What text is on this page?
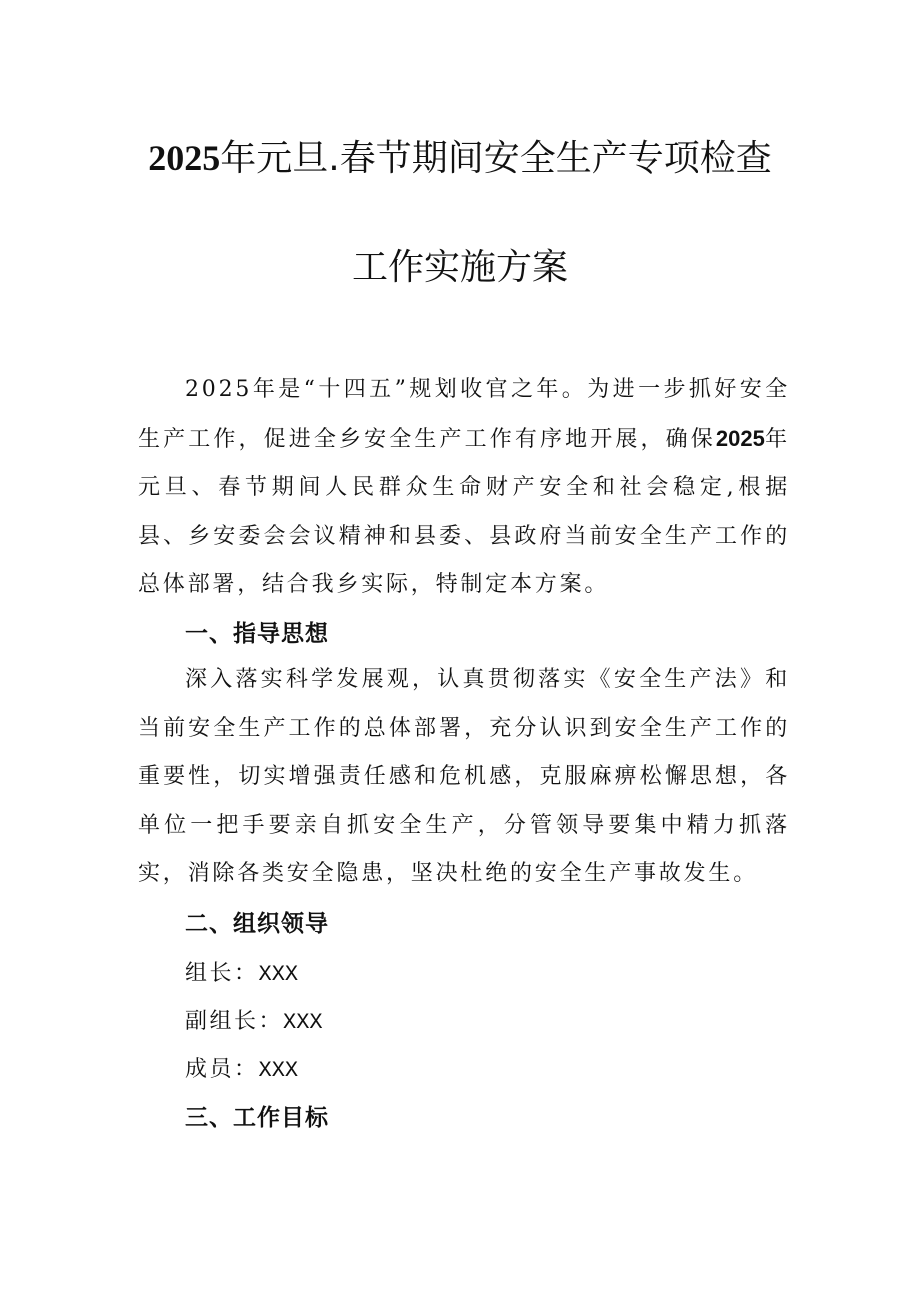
2025年元旦.春节期间安全生产专项检查
工作实施方案

2025年是“十四五”规划收官之年。为进一步抓好安全生产工作，促进全乡安全生产工作有序地开展，确保2025年元旦、春节期间人民群众生命财产安全和社会稳定,根据县、乡安委会会议精神和县委、县政府当前安全生产工作的总体部署，结合我乡实际，特制定本方案。

一、指导思想

深入落实科学发展观，认真贯彻落实《安全生产法》和当前安全生产工作的总体部署，充分认识到安全生产工作的重要性，切实增强责任感和危机感，克服麻痹松懈思想，各单位一把手要亲自抓安全生产，分管领导要集中精力抓落实，消除各类安全隐患，坚决杜绝的安全生产事故发生。

二、组织领导

组长：XXX

副组长：XXX

成员：XXX

三、工作目标
